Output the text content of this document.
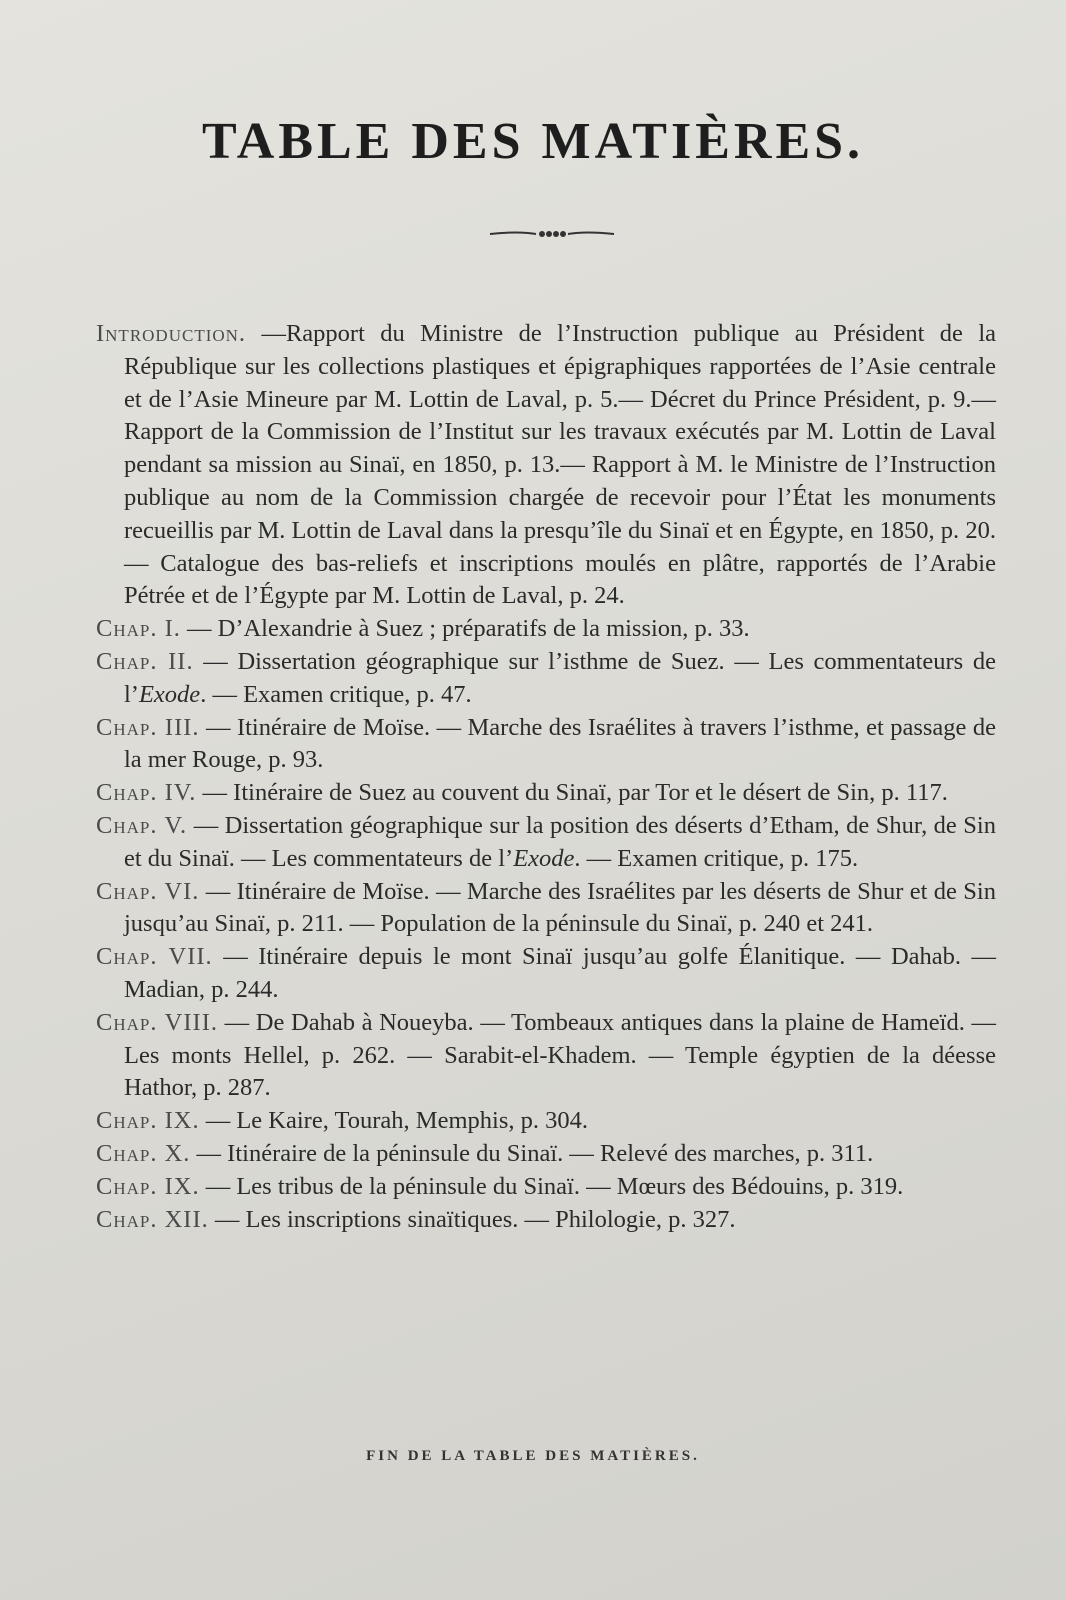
TABLE DES MATIÈRES.

Introduction. —Rapport du Ministre de l’Instruction publique au Président de la République sur les collections plastiques et épigraphiques rapportées de l’Asie centrale et de l’Asie Mineure par M. Lottin de Laval, p. 5.— Décret du Prince Président, p. 9.— Rapport de la Commission de l’Institut sur les travaux exécutés par M. Lottin de Laval pendant sa mission au Sinaï, en 1850, p. 13.— Rapport à M. le Ministre de l’Instruction publique au nom de la Commission chargée de recevoir pour l’État les monuments recueillis par M. Lottin de Laval dans la presqu’île du Sinaï et en Égypte, en 1850, p. 20.— Catalogue des bas-reliefs et inscriptions moulés en plâtre, rapportés de l’Arabie Pétrée et de l’Égypte par M. Lottin de Laval, p. 24.

Chap. I. — D’Alexandrie à Suez ; préparatifs de la mission, p. 33.

Chap. II. — Dissertation géographique sur l’isthme de Suez. — Les commentateurs de l’Exode. — Examen critique, p. 47.

Chap. III. — Itinéraire de Moïse. — Marche des Israélites à travers l’isthme, et passage de la mer Rouge, p. 93.

Chap. IV. — Itinéraire de Suez au couvent du Sinaï, par Tor et le désert de Sin, p. 117.

Chap. V. — Dissertation géographique sur la position des déserts d’Etham, de Shur, de Sin et du Sinaï. — Les commentateurs de l’Exode. — Examen critique, p. 175.

Chap. VI. — Itinéraire de Moïse. — Marche des Israélites par les déserts de Shur et de Sin jusqu’au Sinaï, p. 211. — Population de la péninsule du Sinaï, p. 240 et 241.

Chap. VII. — Itinéraire depuis le mont Sinaï jusqu’au golfe Élanitique. — Dahab. — Madian, p. 244.

Chap. VIII. — De Dahab à Noueyba. — Tombeaux antiques dans la plaine de Hameïd. — Les monts Hellel, p. 262. — Sarabit-el-Khadem. — Temple égyptien de la déesse Hathor, p. 287.

Chap. IX. — Le Kaire, Tourah, Memphis, p. 304.

Chap. X. — Itinéraire de la péninsule du Sinaï. — Relevé des marches, p. 311.

Chap. IX. — Les tribus de la péninsule du Sinaï. — Mœurs des Bédouins, p. 319.

Chap. XII. — Les inscriptions sinaïtiques. — Philologie, p. 327.

FIN DE LA TABLE DES MATIÈRES.
